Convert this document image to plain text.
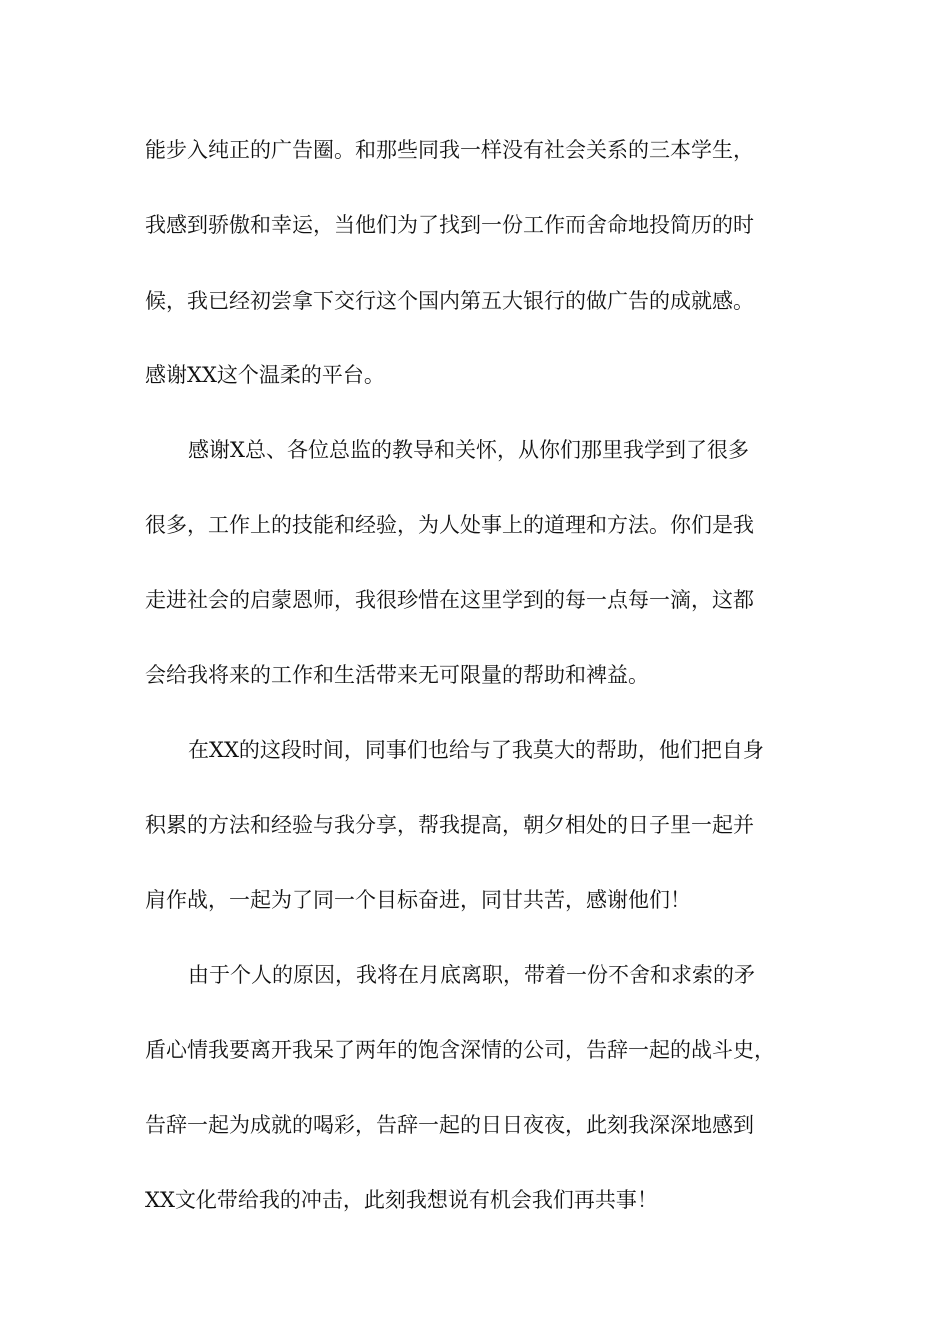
能步入纯正的广告圈。和那些同我一样没有社会关系的三本学生，
我感到骄傲和幸运，当他们为了找到一份工作而舍命地投简历的时
候，我已经初尝拿下交行这个国内第五大银行的做广告的成就感。
感谢XX这个温柔的平台。
感谢X总、各位总监的教导和关怀，从你们那里我学到了很多
很多，工作上的技能和经验，为人处事上的道理和方法。你们是我
走进社会的启蒙恩师，我很珍惜在这里学到的每一点每一滴，这都
会给我将来的工作和生活带来无可限量的帮助和裨益。
在XX的这段时间，同事们也给与了我莫大的帮助，他们把自身
积累的方法和经验与我分享，帮我提高，朝夕相处的日子里一起并
肩作战，一起为了同一个目标奋进，同甘共苦，感谢他们！
由于个人的原因，我将在月底离职，带着一份不舍和求索的矛
盾心情我要离开我呆了两年的饱含深情的公司，告辞一起的战斗史，
告辞一起为成就的喝彩，告辞一起的日日夜夜，此刻我深深地感到
XX文化带给我的冲击，此刻我想说有机会我们再共事！
